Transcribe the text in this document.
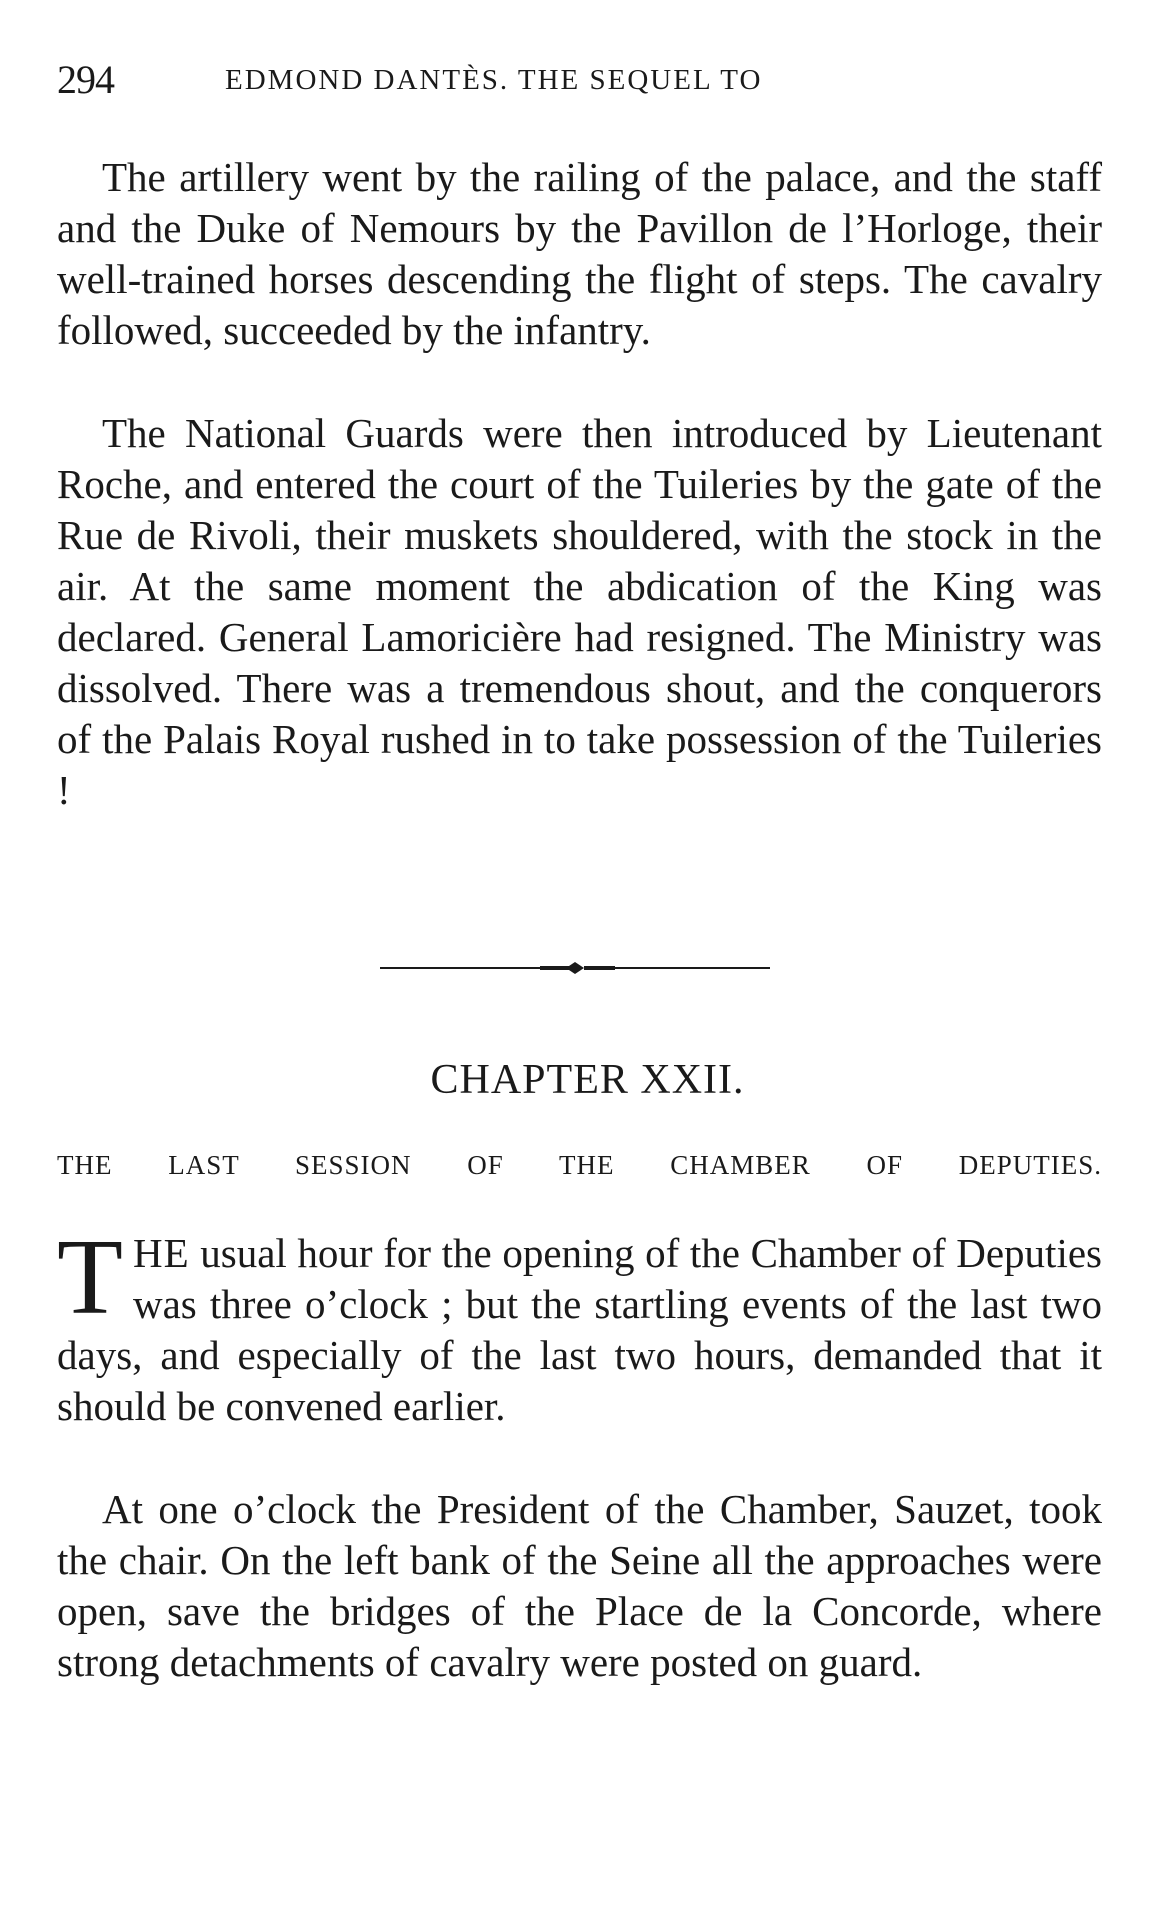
294	EDMOND DANTÈS. THE SEQUEL TO

The artillery went by the railing of the palace, and the staff and the Duke of Nemours by the Pavillon de l’Horloge, their well-trained horses descending the flight of steps. The cavalry followed, succeeded by the infantry.

The National Guards were then introduced by Lieutenant Roche, and entered the court of the Tuileries by the gate of the Rue de Rivoli, their muskets shouldered, with the stock in the air. At the same moment the abdication of the King was declared. General Lamoricière had resigned. The Ministry was dissolved. There was a tremendous shout, and the conquerors of the Palais Royal rushed in to take possession of the Tuileries !

CHAPTER XXII.
THE LAST SESSION OF THE CHAMBER OF DEPUTIES.

THE usual hour for the opening of the Chamber of Deputies was three o’clock ; but the startling events of the last two days, and especially of the last two hours, demanded that it should be convened earlier.

At one o’clock the President of the Chamber, Sauzet, took the chair. On the left bank of the Seine all the approaches were open, save the bridges of the Place de la Concorde, where strong detachments of cavalry were posted on guard.
